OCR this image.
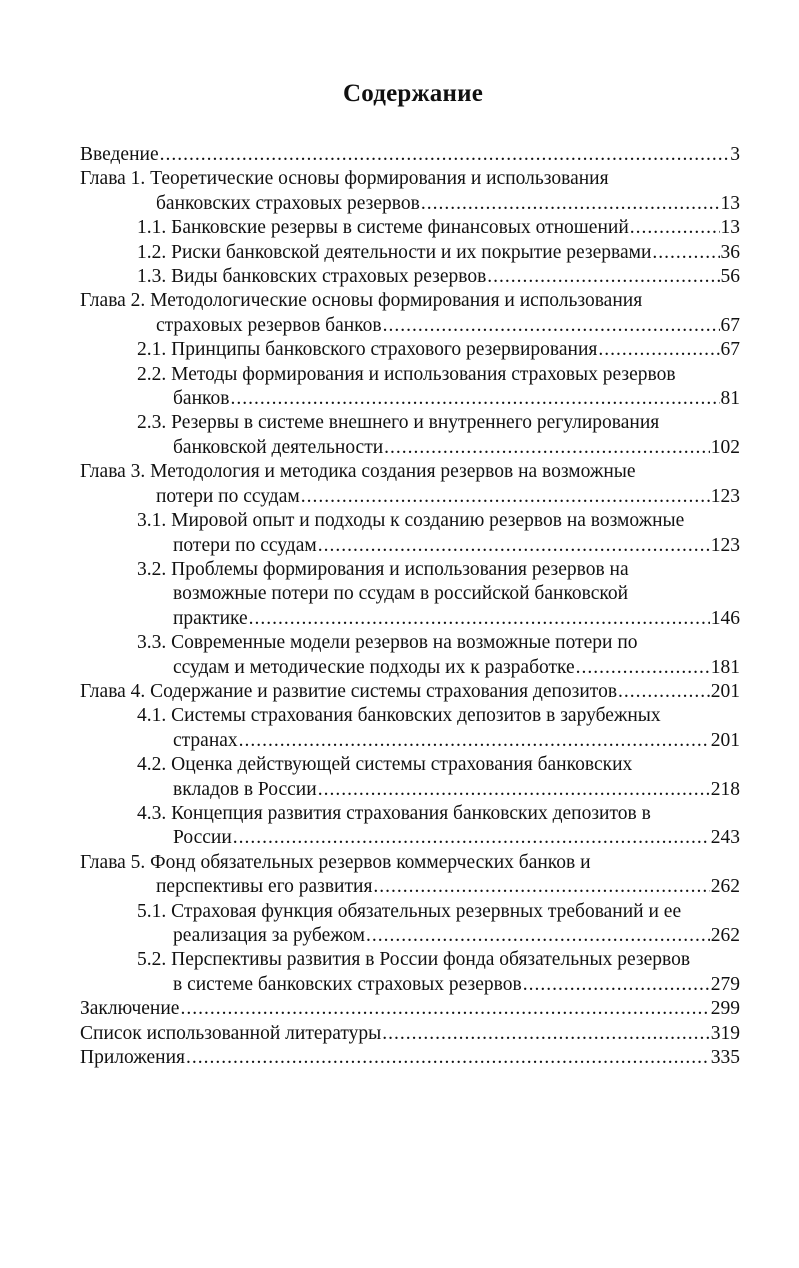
Содержание
Введение .....	3
Глава 1. Теоретические основы формирования и использования
банковских страховых резервов .....	13
1.1. Банковские резервы в системе финансовых отношений .....	13
1.2. Риски банковской деятельности и их покрытие резервами .....	36
1.3. Виды банковских страховых резервов .....	56
Глава 2. Методологические основы формирования и использования
страховых резервов банков .....	67
2.1. Принципы банковского страхового резервирования .....	67
2.2. Методы формирования и использования страховых резервов
банков .....	81
2.3. Резервы в системе внешнего и внутреннего регулирования
банковской деятельности .....	102
Глава 3. Методология и методика создания резервов на возможные
потери по ссудам .....	123
3.1. Мировой опыт и подходы к созданию резервов на возможные
потери по ссудам .....	123
3.2. Проблемы формирования и использования резервов на
возможные потери по ссудам в российской банковской
практике .....	146
3.3. Современные модели резервов на возможные потери по
ссудам и методические подходы их к разработке .....	181
Глава 4. Содержание и развитие системы страхования депозитов .....	201
4.1. Системы страхования банковских депозитов в зарубежных
странах .....	201
4.2. Оценка действующей системы страхования банковских
вкладов в России .....	218
4.3. Концепция развития страхования банковских депозитов в
России .....	243
Глава 5. Фонд обязательных резервов коммерческих банков и
перспективы его развития .....	262
5.1. Страховая функция обязательных резервных требований и ее
реализация за рубежом .....	262
5.2. Перспективы развития в России фонда обязательных резервов
в системе банковских страховых резервов .....	279
Заключение .....	299
Список использованной литературы .....	319
Приложения .....	335
